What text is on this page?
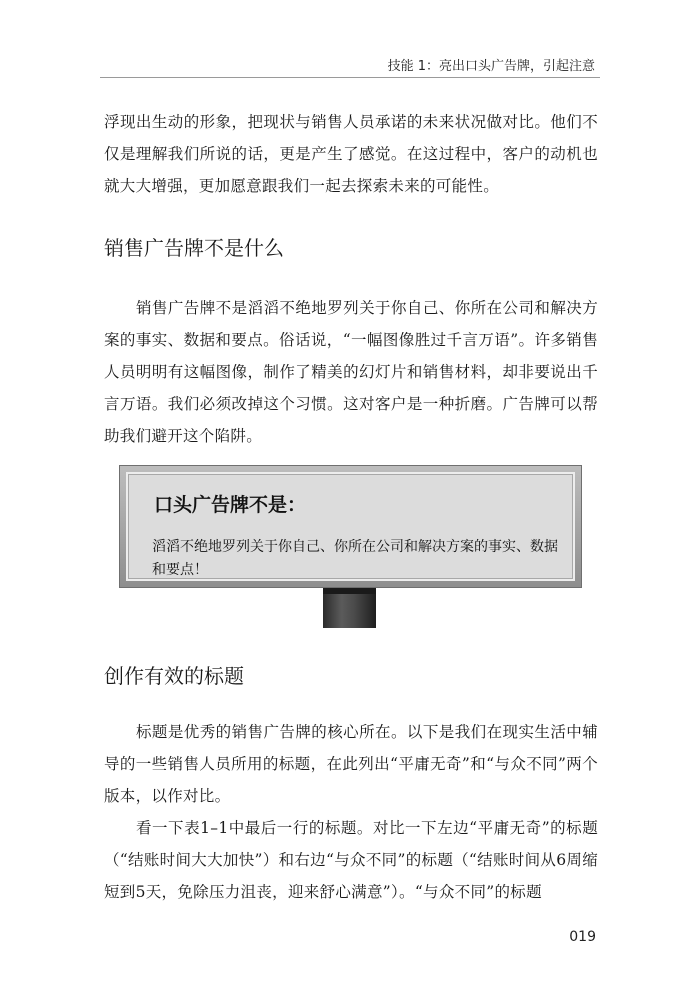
技能 1：亮出口头广告牌，引起注意

浮现出生动的形象，把现状与销售人员承诺的未来状况做对比。他们不仅是理解我们所说的话，更是产生了感觉。在这过程中，客户的动机也就大大增强，更加愿意跟我们一起去探索未来的可能性。

销售广告牌不是什么

销售广告牌不是滔滔不绝地罗列关于你自己、你所在公司和解决方案的事实、数据和要点。俗话说，“一幅图像胜过千言万语”。许多销售人员明明有这幅图像，制作了精美的幻灯片和销售材料，却非要说出千言万语。我们必须改掉这个习惯。这对客户是一种折磨。广告牌可以帮助我们避开这个陷阱。

口头广告牌不是：

滔滔不绝地罗列关于你自己、你所在公司和解决方案的事实、数据和要点！

创作有效的标题

标题是优秀的销售广告牌的核心所在。以下是我们在现实生活中辅导的一些销售人员所用的标题，在此列出“平庸无奇”和“与众不同”两个版本，以作对比。

看一下表1–1中最后一行的标题。对比一下左边“平庸无奇”的标题（“结账时间大大加快”）和右边“与众不同”的标题（“结账时间从6周缩短到5天，免除压力沮丧，迎来舒心满意”）。“与众不同”的标题

019
